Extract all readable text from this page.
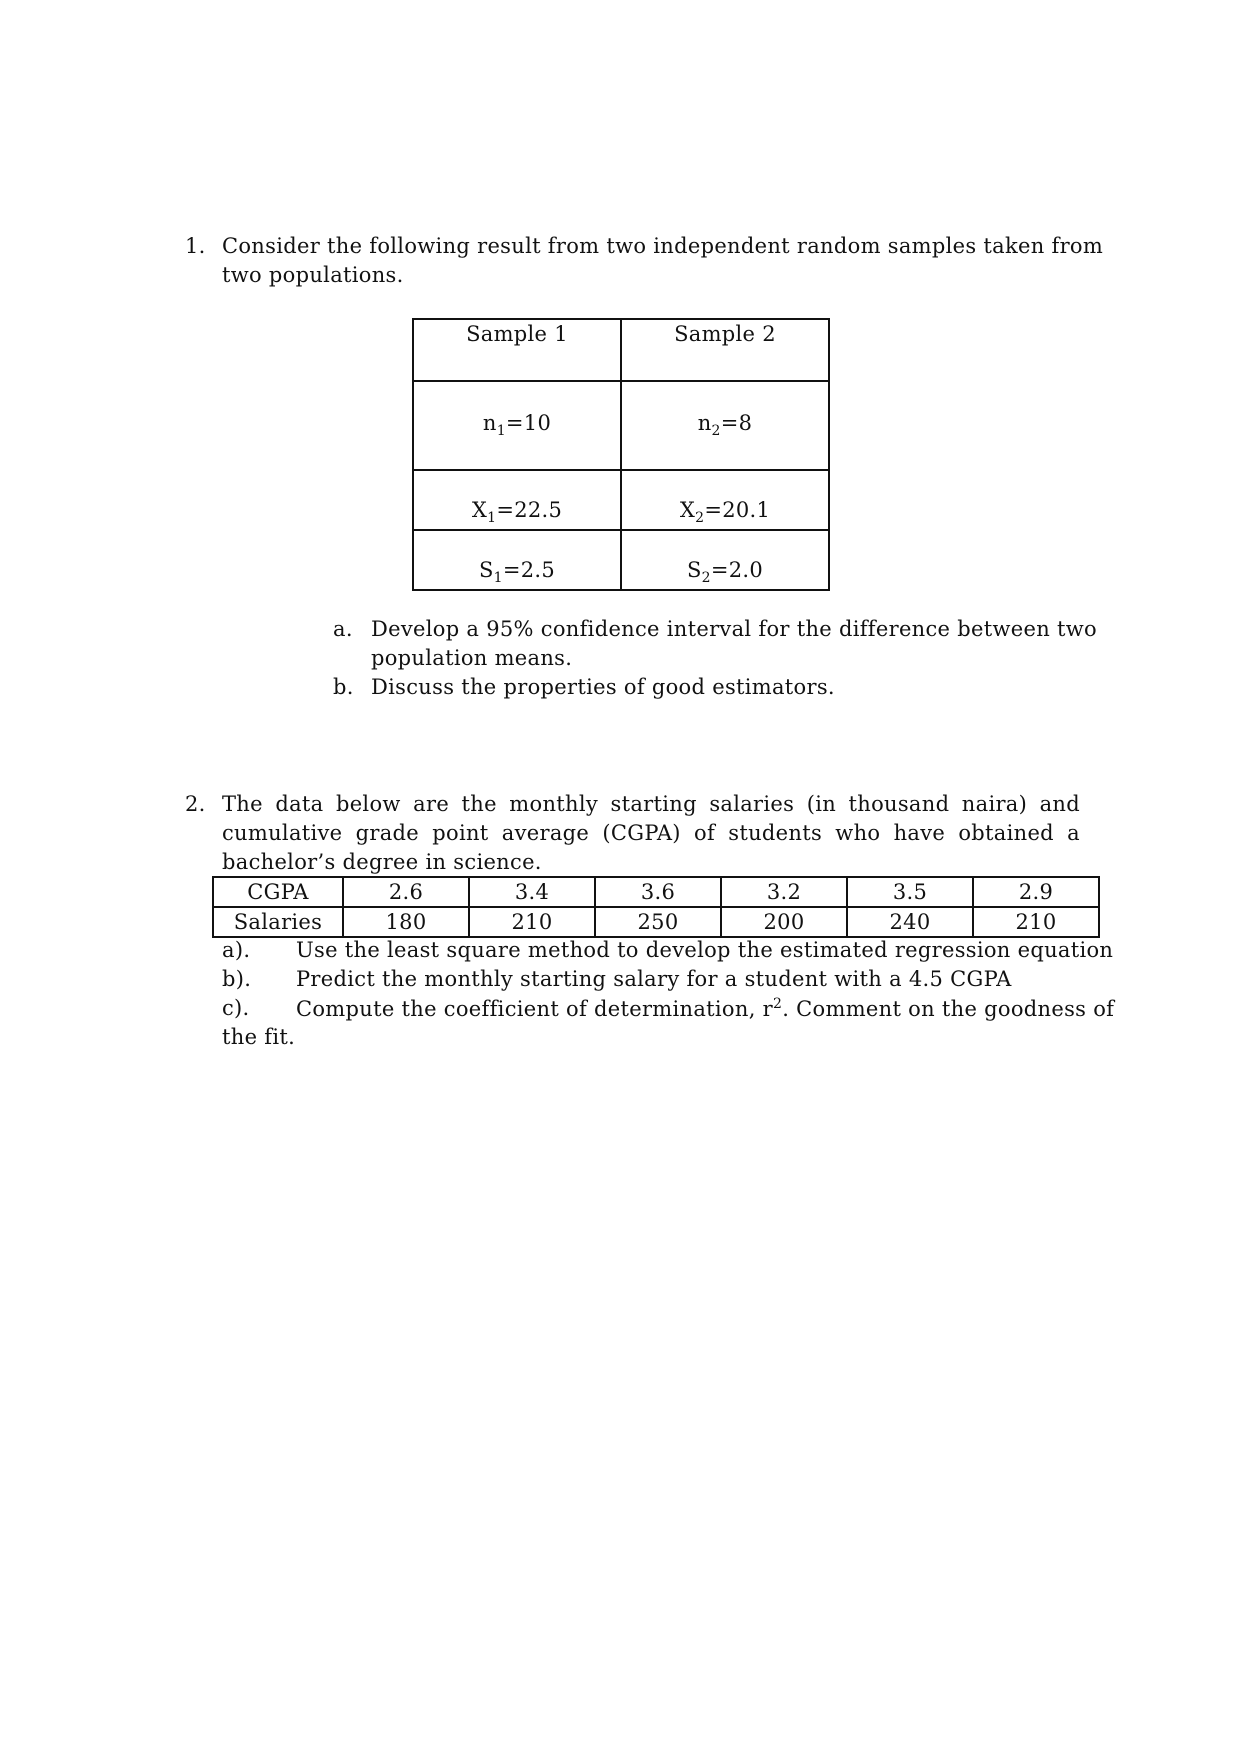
1. Consider the following result from two independent random samples taken from
two populations.
Sample 1	Sample 2
$n_1=10$	$n_2=8$
$X_1=22.5$	$X_2=20.1$
$S_1=2.5$	$S_2=2.0$
a. Develop a 95% confidence interval for the difference between two
population means.
b. Discuss the properties of good estimators.
2. The data below are the monthly starting salaries (in thousand naira) and
cumulative grade point average (CGPA) of students who have obtained a
bachelor’s degree in science.
CGPA	2.6	3.4	3.6	3.2	3.5	2.9
Salaries	180	210	250	200	240	210
a). Use the least square method to develop the estimated regression equation
b). Predict the monthly starting salary for a student with a 4.5 CGPA
c). Compute the coefficient of determination, $r^2$. Comment on the goodness of
the fit.
